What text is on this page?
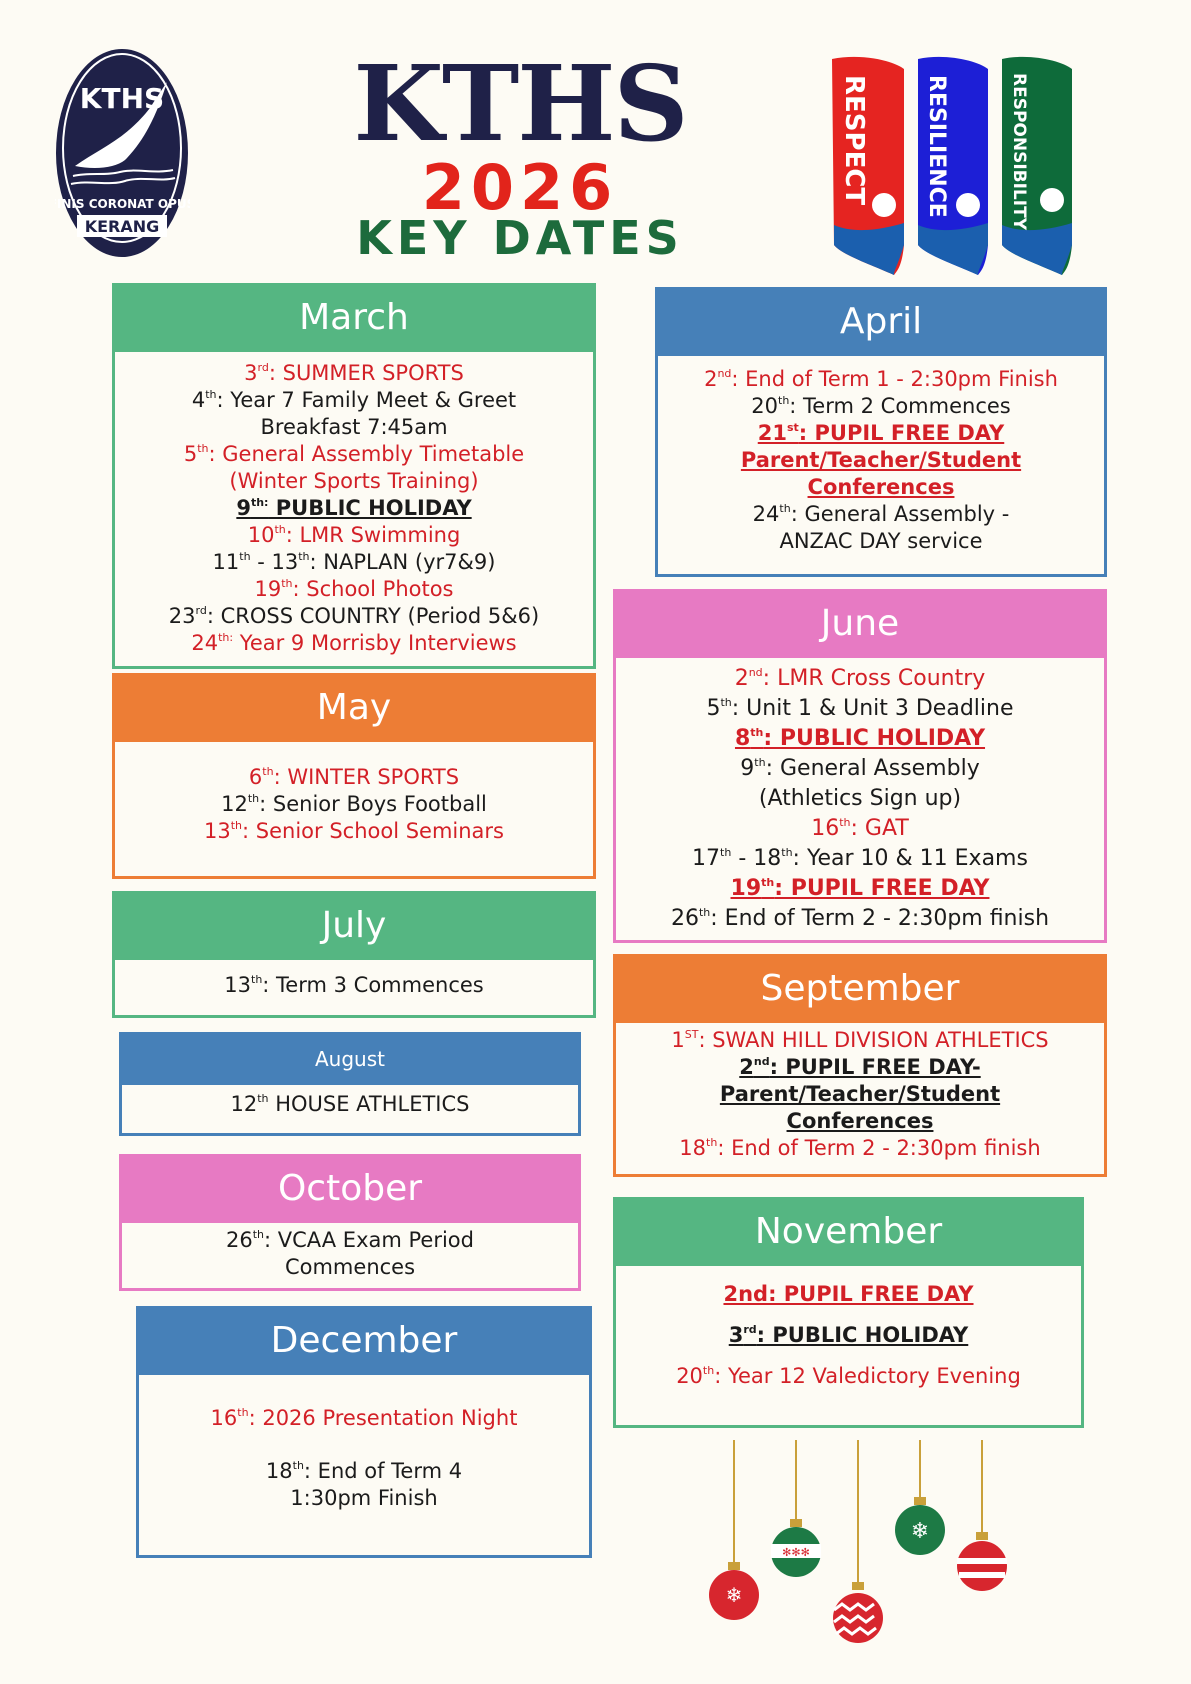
KTHS
FINIS CORONAT OPUS
KERANG
KTHS
2026
KEY DATES
RESPECT	RESILIENCE	RESPONSIBILITY
March
3rd: SUMMER SPORTS
4th: Year 7 Family Meet & Greet
Breakfast 7:45am
5th: General Assembly Timetable
(Winter Sports Training)
$9^{th:}$ PUBLIC HOLIDAY
10th: LMR Swimming
11th - 13th: NAPLAN (yr7&9)
19th: School Photos
23rd: CROSS COUNTRY (Period 5&6)
$24^{th:}$ Year 9 Morrisby Interviews
April
2nd: End of Term 1 - 2:30pm Finish
20th: Term 2 Commences
21st: PUPIL FREE DAY
Parent/Teacher/Student
Conferences
24th: General Assembly -
ANZAC DAY service
May
6th: WINTER SPORTS
12th: Senior Boys Football
13th: Senior School Seminars
June
2nd: LMR Cross Country
5th: Unit 1 & Unit 3 Deadline
8th: PUBLIC HOLIDAY
9th: General Assembly
(Athletics Sign up)
16th: GAT
17th - 18th: Year 10 & 11 Exams
19th: PUPIL FREE DAY
26th: End of Term 2 - 2:30pm finish
July
13th: Term 3 Commences	September
1ST: SWAN HILL DIVISION ATHLETICS
2nd: PUPIL FREE DAY-
Parent/Teacher/Student
Conferences
18th: End of Term 2 - 2:30pm finish
August
12th HOUSE ATHLETICS
October
26th: VCAA Exam Period
Commences
November
2nd: PUPIL FREE DAY
3rd: PUBLIC HOLIDAY
20th: Year 12 Valedictory Evening
December
16th: 2026 Presentation Night
18th: End of Term 4
1:30pm Finish
❄
✻✻✻
❄
